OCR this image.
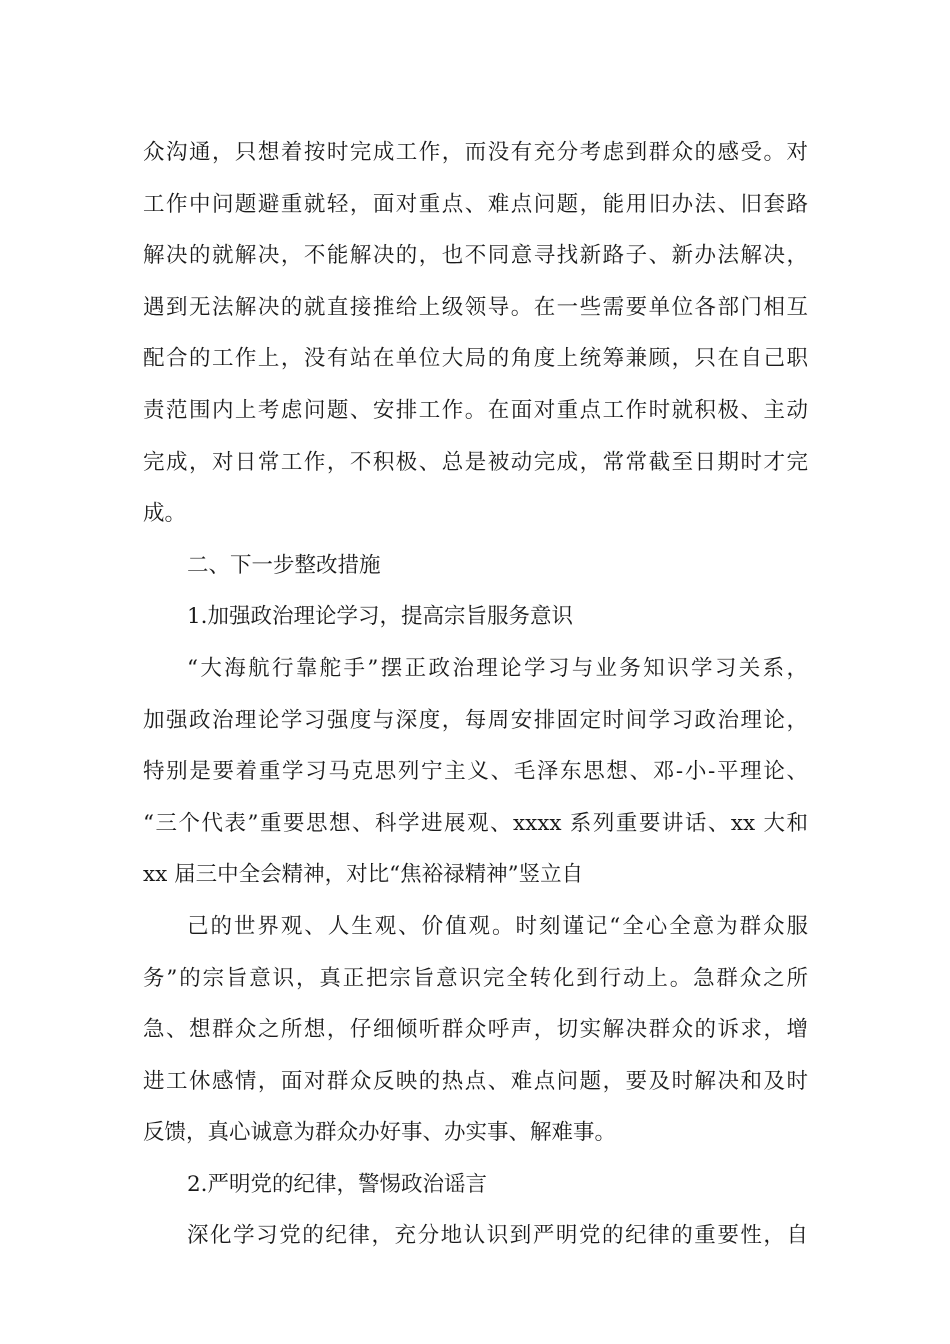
众沟通，只想着按时完成工作，而没有充分考虑到群众的感受。对
工作中问题避重就轻，面对重点、难点问题，能用旧办法、旧套路
解决的就解决，不能解决的，也不同意寻找新路子、新办法解决，
遇到无法解决的就直接推给上级领导。在一些需要单位各部门相互
配合的工作上，没有站在单位大局的角度上统筹兼顾，只在自己职
责范围内上考虑问题、安排工作。在面对重点工作时就积极、主动
完成，对日常工作，不积极、总是被动完成，常常截至日期时才完
成。
二、下一步整改措施
1.加强政治理论学习，提高宗旨服务意识
“大海航行靠舵手”摆正政治理论学习与业务知识学习关系，
加强政治理论学习强度与深度，每周安排固定时间学习政治理论，
特别是要着重学习马克思列宁主义、毛泽东思想、邓-小-平理论、
“三个代表”重要思想、科学进展观、xxxx 系列重要讲话、xx 大和
xx 届三中全会精神，对比“焦裕禄精神”竖立自
己的世界观、人生观、价值观。时刻谨记“全心全意为群众服
务”的宗旨意识，真正把宗旨意识完全转化到行动上。急群众之所
急、想群众之所想，仔细倾听群众呼声，切实解决群众的诉求，增
进工休感情，面对群众反映的热点、难点问题，要及时解决和及时
反馈，真心诚意为群众办好事、办实事、解难事。
2.严明党的纪律，警惕政治谣言
深化学习党的纪律，充分地认识到严明党的纪律的重要性，自
